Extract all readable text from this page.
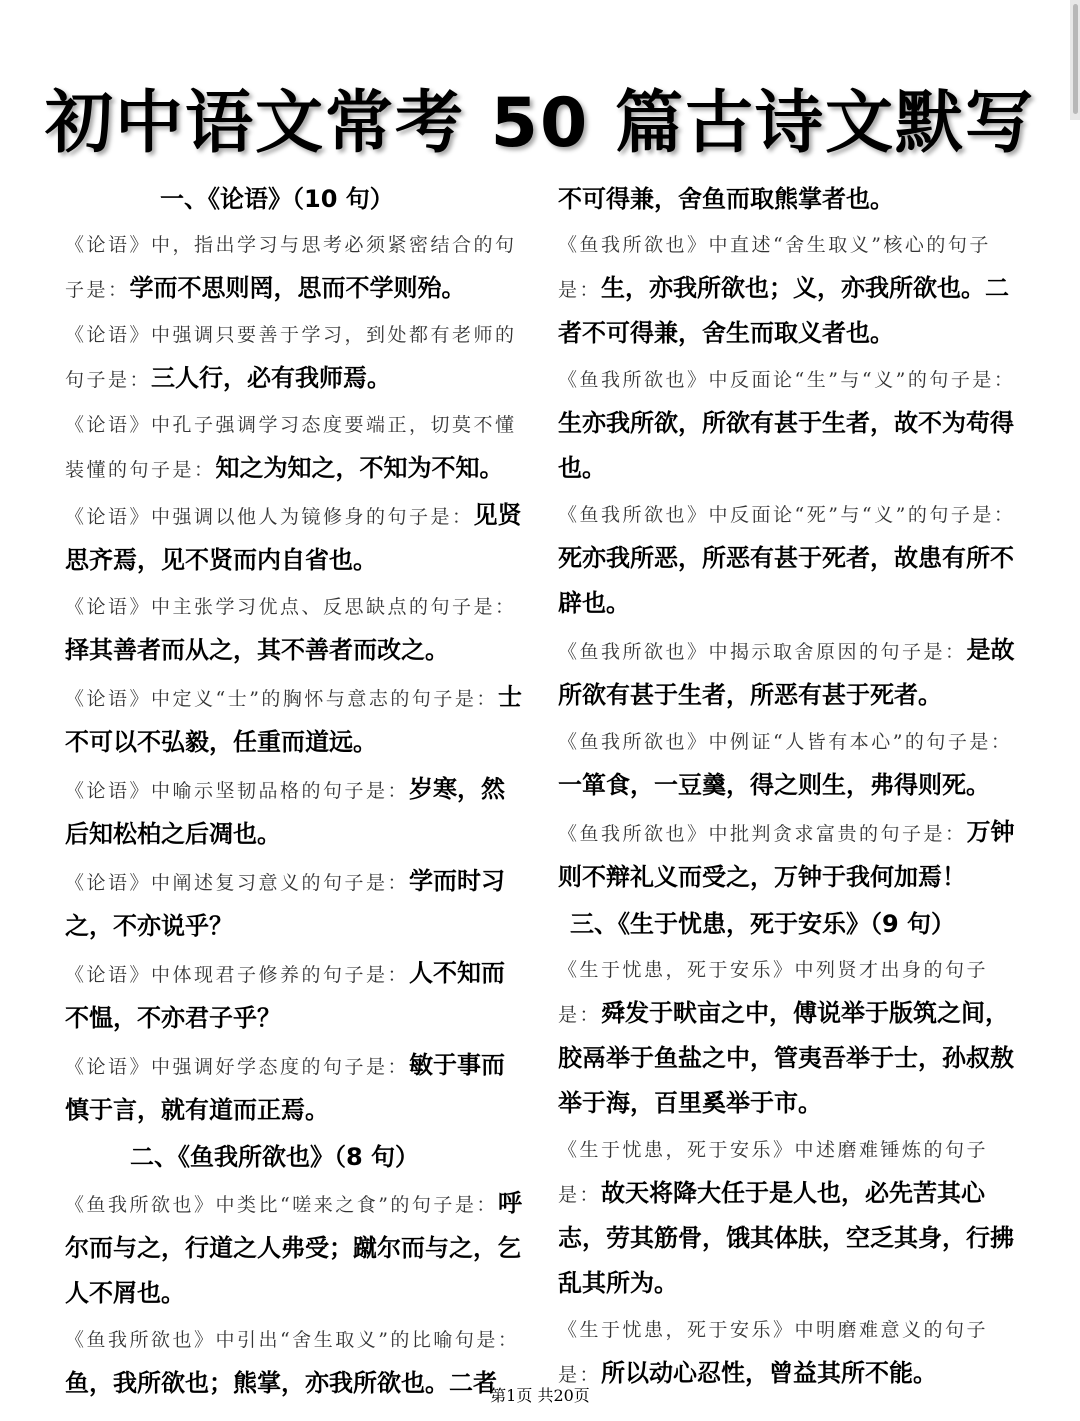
初中语文常考 50 篇古诗文默写
一、《论语》（10 句）
《论语》中，指出学习与思考必须紧密结合的句子是：学而不思则罔，思而不学则殆。
《论语》中强调只要善于学习，到处都有老师的句子是：三人行，必有我师焉。
《论语》中孔子强调学习态度要端正，切莫不懂装懂的句子是：知之为知之，不知为不知。
《论语》中强调以他人为镜修身的句子是：见贤思齐焉，见不贤而内自省也。
《论语》中主张学习优点、反思缺点的句子是：择其善者而从之，其不善者而改之。
《论语》中定义“士”的胸怀与意志的句子是：士不可以不弘毅，任重而道远。
《论语》中喻示坚韧品格的句子是：岁寒，然后知松柏之后凋也。
《论语》中阐述复习意义的句子是：学而时习之，不亦说乎？
《论语》中体现君子修养的句子是：人不知而不愠，不亦君子乎？
《论语》中强调好学态度的句子是：敏于事而慎于言，就有道而正焉。
二、《鱼我所欲也》（8 句）
《鱼我所欲也》中类比“嗟来之食”的句子是：呼尔而与之，行道之人弗受；蹴尔而与之，乞人不屑也。
《鱼我所欲也》中引出“舍生取义”的比喻句是：鱼，我所欲也；熊掌，亦我所欲也。二者
不可得兼，舍鱼而取熊掌者也。
《鱼我所欲也》中直述“舍生取义”核心的句子是：生，亦我所欲也；义，亦我所欲也。二者不可得兼，舍生而取义者也。
《鱼我所欲也》中反面论“生”与“义”的句子是：生亦我所欲，所欲有甚于生者，故不为苟得也。
《鱼我所欲也》中反面论“死”与“义”的句子是：死亦我所恶，所恶有甚于死者，故患有所不辟也。
《鱼我所欲也》中揭示取舍原因的句子是：是故所欲有甚于生者，所恶有甚于死者。
《鱼我所欲也》中例证“人皆有本心”的句子是：一箪食，一豆羹，得之则生，弗得则死。
《鱼我所欲也》中批判贪求富贵的句子是：万钟则不辩礼义而受之，万钟于我何加焉！
三、《生于忧患，死于安乐》（9 句）
《生于忧患，死于安乐》中列贤才出身的句子是：舜发于畎亩之中，傅说举于版筑之间，胶鬲举于鱼盐之中，管夷吾举于士，孙叔敖举于海，百里奚举于市。
《生于忧患，死于安乐》中述磨难锤炼的句子是：故天将降大任于是人也，必先苦其心志，劳其筋骨，饿其体肤，空乏其身，行拂乱其所为。
《生于忧患，死于安乐》中明磨难意义的句子是：所以动心忍性，曾益其所不能。
第1页 共20页
